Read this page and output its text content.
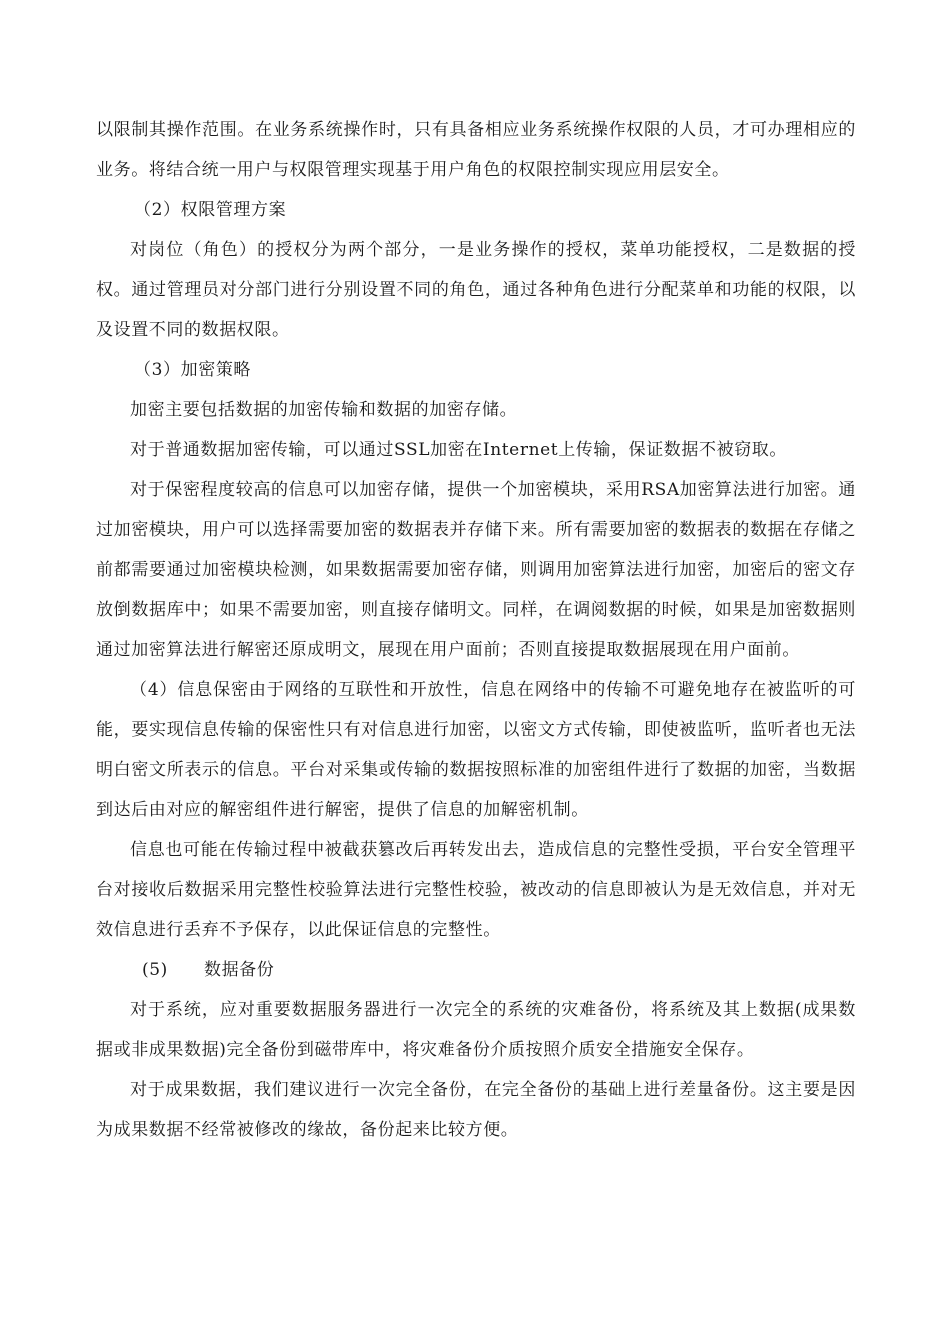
以限制其操作范围。在业务系统操作时，只有具备相应业务系统操作权限的人员，才可办理相应的业务。将结合统一用户与权限管理实现基于用户角色的权限控制实现应用层安全。

（2）权限管理方案

对岗位（角色）的授权分为两个部分，一是业务操作的授权，菜单功能授权，二是数据的授权。通过管理员对分部门进行分别设置不同的角色，通过各种角色进行分配菜单和功能的权限，以及设置不同的数据权限。

（3）加密策略

加密主要包括数据的加密传输和数据的加密存储。

对于普通数据加密传输，可以通过SSL加密在Internet上传输，保证数据不被窃取。

对于保密程度较高的信息可以加密存储，提供一个加密模块，采用RSA加密算法进行加密。通过加密模块，用户可以选择需要加密的数据表并存储下来。所有需要加密的数据表的数据在存储之前都需要通过加密模块检测，如果数据需要加密存储，则调用加密算法进行加密，加密后的密文存放倒数据库中；如果不需要加密，则直接存储明文。同样，在调阅数据的时候，如果是加密数据则通过加密算法进行解密还原成明文，展现在用户面前；否则直接提取数据展现在用户面前。

（4）信息保密由于网络的互联性和开放性，信息在网络中的传输不可避免地存在被监听的可能，要实现信息传输的保密性只有对信息进行加密，以密文方式传输，即使被监听，监听者也无法明白密文所表示的信息。平台对采集或传输的数据按照标准的加密组件进行了数据的加密，当数据到达后由对应的解密组件进行解密，提供了信息的加解密机制。

信息也可能在传输过程中被截获篡改后再转发出去，造成信息的完整性受损，平台安全管理平台对接收后数据采用完整性校验算法进行完整性校验，被改动的信息即被认为是无效信息，并对无效信息进行丢弃不予保存，以此保证信息的完整性。

(5) 数据备份

对于系统，应对重要数据服务器进行一次完全的系统的灾难备份，将系统及其上数据(成果数据或非成果数据)完全备份到磁带库中，将灾难备份介质按照介质安全措施安全保存。

对于成果数据，我们建议进行一次完全备份，在完全备份的基础上进行差量备份。这主要是因为成果数据不经常被修改的缘故，备份起来比较方便。
